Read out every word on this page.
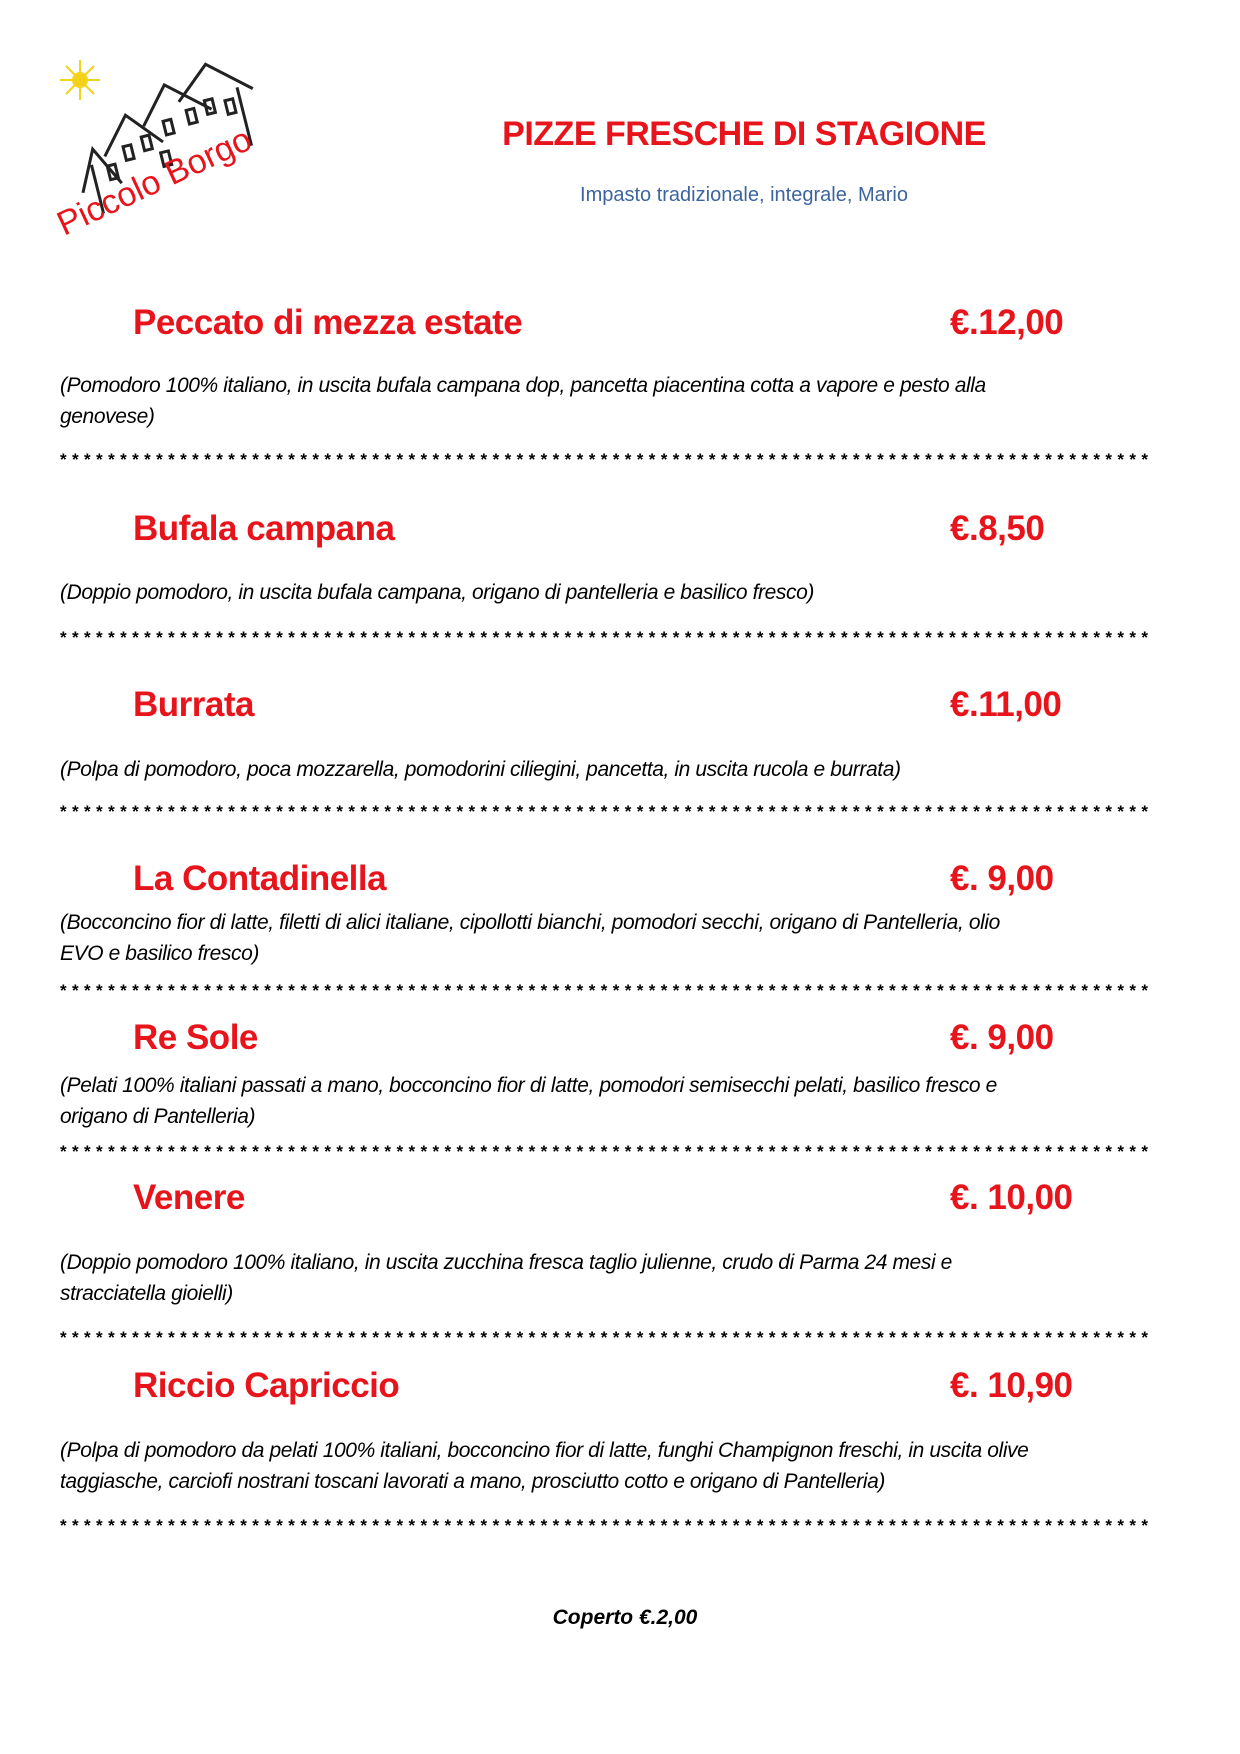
Piccolo Borgo	PIZZE FRESCHE DI STAGIONE
Impasto tradizionale, integrale, Mario
Peccato di mezza estate	€.12,00
(Pomodoro 100% italiano, in uscita bufala campana dop, pancetta piacentina cotta a vapore e pesto alla
genovese)
*******************************************************************************************
Bufala campana	€.8,50
(Doppio pomodoro, in uscita bufala campana, origano di pantelleria e basilico fresco)
*******************************************************************************************
Burrata	€.11,00
(Polpa di pomodoro, poca mozzarella, pomodorini ciliegini, pancetta, in uscita rucola e burrata)
*******************************************************************************************
La Contadinella	€. 9,00
(Bocconcino fior di latte, filetti di alici italiane, cipollotti bianchi, pomodori secchi, origano di Pantelleria, olio
EVO e basilico fresco)
*******************************************************************************************
Re Sole	€. 9,00
(Pelati 100% italiani passati a mano, bocconcino fior di latte, pomodori semisecchi pelati, basilico fresco e
origano di Pantelleria)
*******************************************************************************************
Venere	€. 10,00
(Doppio pomodoro 100% italiano, in uscita zucchina fresca taglio julienne, crudo di Parma 24 mesi e
stracciatella gioielli)
*******************************************************************************************
Riccio Capriccio	€. 10,90
(Polpa di pomodoro da pelati 100% italiani, bocconcino fior di latte, funghi Champignon freschi, in uscita olive
taggiasche, carciofi nostrani toscani lavorati a mano, prosciutto cotto e origano di Pantelleria)
*******************************************************************************************
Coperto €.2,00
